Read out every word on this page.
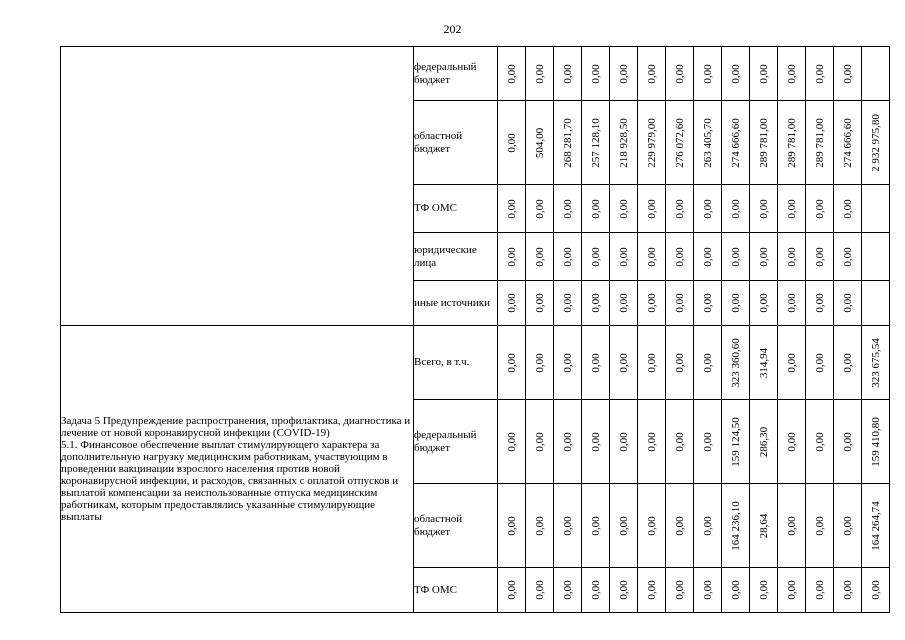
202
	федеральный бюджет	0,00	0,00	0,00	0,00	0,00	0,00	0,00	0,00	0,00	0,00	0,00	0,00	0,00	

	областной бюджет	0,00	504,00	268 281,70	257 128,10	218 928,50	229 979,00	276 072,60	263 405,70	274 666,60	289 781,00	289 781,00	289 781,00	274 666,60	2 932 975,80

	ТФ ОМС	0,00	0,00	0,00	0,00	0,00	0,00	0,00	0,00	0,00	0,00	0,00	0,00	0,00	

	юридические лица	0,00	0,00	0,00	0,00	0,00	0,00	0,00	0,00	0,00	0,00	0,00	0,00	0,00	

	иные источники	0,00	0,00	0,00	0,00	0,00	0,00	0,00	0,00	0,00	0,00	0,00	0,00	0,00	

Задача 5 Предупреждение распространения, профилактика, диагностика и лечение от новой коронавирусной инфекции (COVID-19)
5.1. Финансовое обеспечение выплат стимулирующего характера за дополнительную нагрузку медицинским работникам, участвующим в проведении вакцинации взрослого населения против новой коронавирусной инфекции, и расходов, связанных с оплатой отпусков и выплатой компенсации за неиспользованные отпуска медицинским работникам, которым предоставлялись указанные стимулирующие выплаты	Всего, в т.ч.	0,00	0,00	0,00	0,00	0,00	0,00	0,00	0,00	323 360,60	314,94	0,00	0,00	0,00	323 675,54

	федеральный бюджет	0,00	0,00	0,00	0,00	0,00	0,00	0,00	0,00	159 124,50	286,30	0,00	0,00	0,00	159 410,80

	областной бюджет	0,00	0,00	0,00	0,00	0,00	0,00	0,00	0,00	164 236,10	28,64	0,00	0,00	0,00	164 264,74

	ТФ ОМС	0,00	0,00	0,00	0,00	0,00	0,00	0,00	0,00	0,00	0,00	0,00	0,00	0,00	0,00
